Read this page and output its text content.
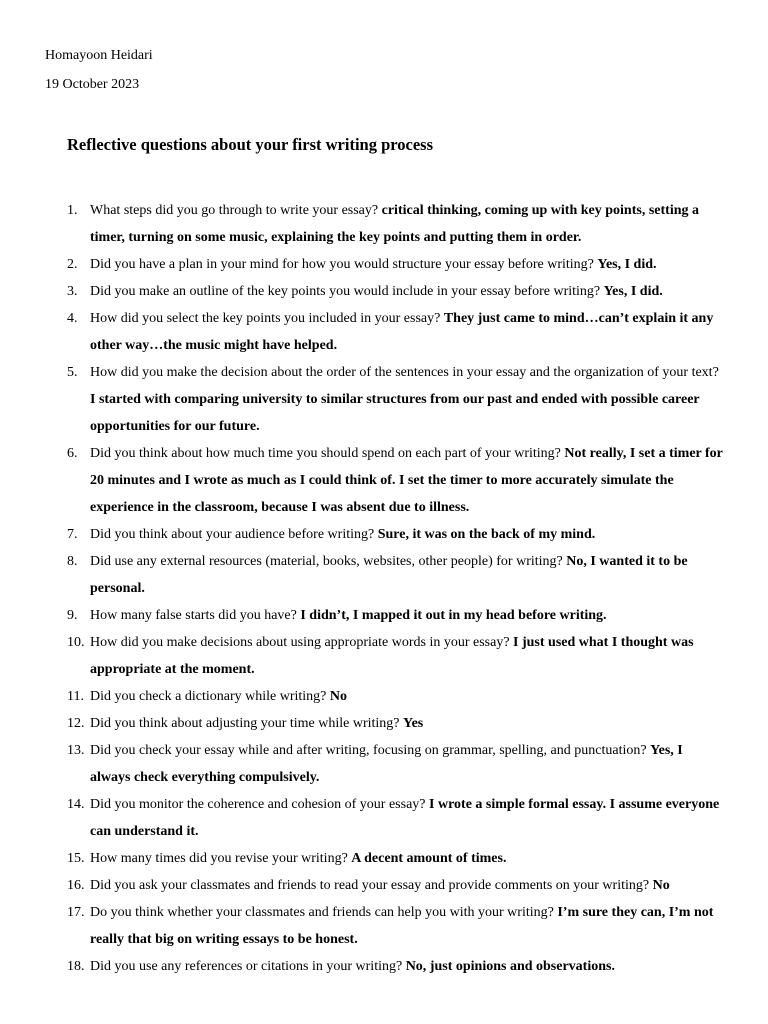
Homayoon Heidari
19 October 2023
Reflective questions about your first writing process
1. What steps did you go through to write your essay? critical thinking, coming up with key points, setting a timer, turning on some music, explaining the key points and putting them in order.
2. Did you have a plan in your mind for how you would structure your essay before writing? Yes, I did.
3. Did you make an outline of the key points you would include in your essay before writing? Yes, I did.
4. How did you select the key points you included in your essay? They just came to mind…can’t explain it any other way…the music might have helped.
5. How did you make the decision about the order of the sentences in your essay and the organization of your text? I started with comparing university to similar structures from our past and ended with possible career opportunities for our future.
6. Did you think about how much time you should spend on each part of your writing? Not really, I set a timer for 20 minutes and I wrote as much as I could think of. I set the timer to more accurately simulate the experience in the classroom, because I was absent due to illness.
7. Did you think about your audience before writing? Sure, it was on the back of my mind.
8. Did use any external resources (material, books, websites, other people) for writing? No, I wanted it to be personal.
9. How many false starts did you have? I didn’t, I mapped it out in my head before writing.
10. How did you make decisions about using appropriate words in your essay? I just used what I thought was appropriate at the moment.
11. Did you check a dictionary while writing? No
12. Did you think about adjusting your time while writing? Yes
13. Did you check your essay while and after writing, focusing on grammar, spelling, and punctuation? Yes, I always check everything compulsively.
14. Did you monitor the coherence and cohesion of your essay? I wrote a simple formal essay. I assume everyone can understand it.
15. How many times did you revise your writing? A decent amount of times.
16. Did you ask your classmates and friends to read your essay and provide comments on your writing? No
17. Do you think whether your classmates and friends can help you with your writing? I’m sure they can, I’m not really that big on writing essays to be honest.
18. Did you use any references or citations in your writing? No, just opinions and observations.
